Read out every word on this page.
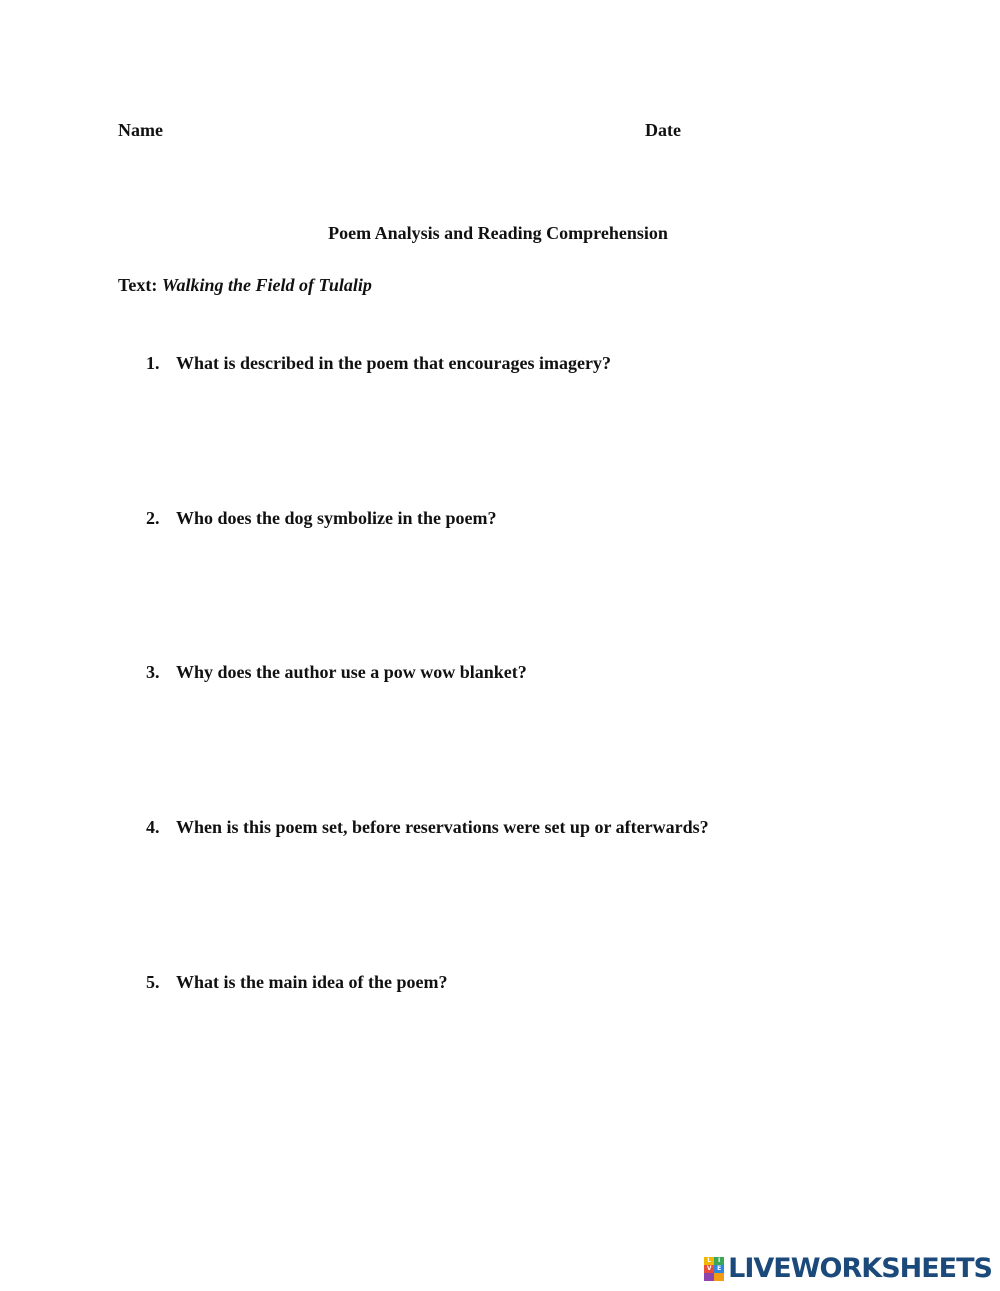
Name	Date
Poem Analysis and Reading Comprehension
Text: Walking the Field of Tulalip
1. What is described in the poem that encourages imagery?
2. Who does the dog symbolize in the poem?
3. Why does the author use a pow wow blanket?
4. When is this poem set, before reservations were set up or afterwards?
5. What is the main idea of the poem?
L	I
V E LIVEWORKSHEETS
